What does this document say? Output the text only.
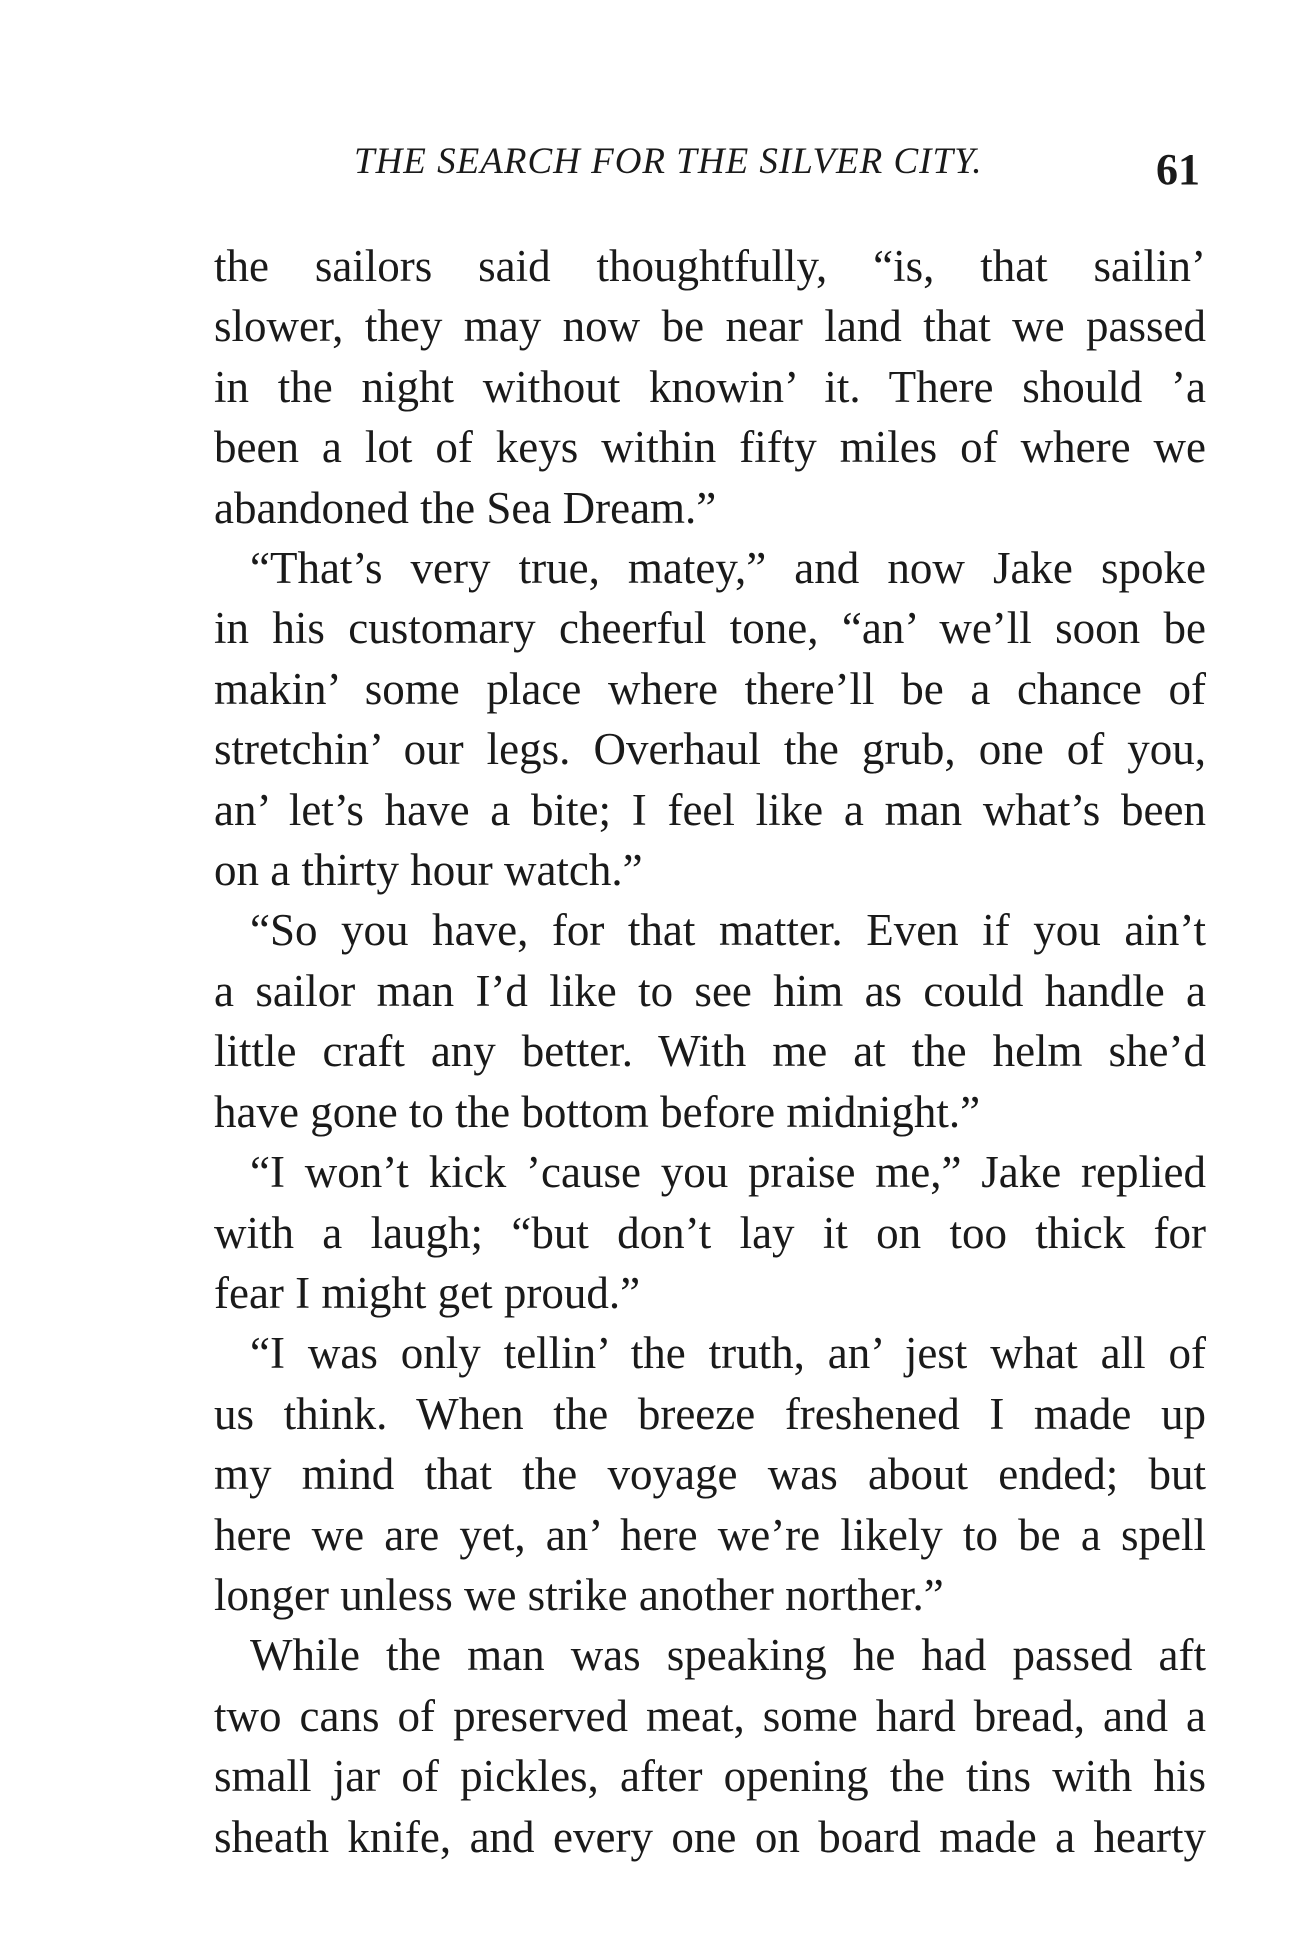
THE SEARCH FOR THE SILVER CITY.	61
the sailors said thoughtfully, “is, that sailin’
slower, they may now be near land that we passed
in the night without knowin’ it. There should ’a
been a lot of keys within fifty miles of where we
abandoned the Sea Dream.”
“That’s very true, matey,” and now Jake spoke
in his customary cheerful tone, “an’ we’ll soon be
makin’ some place where there’ll be a chance of
stretchin’ our legs. Overhaul the grub, one of you,
an’ let’s have a bite; I feel like a man what’s been
on a thirty hour watch.”
“So you have, for that matter. Even if you ain’t
a sailor man I’d like to see him as could handle a
little craft any better. With me at the helm she’d
have gone to the bottom before midnight.”
“I won’t kick ’cause you praise me,” Jake replied
with a laugh; “but don’t lay it on too thick for
fear I might get proud.”
“I was only tellin’ the truth, an’ jest what all of
us think. When the breeze freshened I made up
my mind that the voyage was about ended; but
here we are yet, an’ here we’re likely to be a spell
longer unless we strike another norther.”
While the man was speaking he had passed aft
two cans of preserved meat, some hard bread, and a
small jar of pickles, after opening the tins with his
sheath knife, and every one on board made a hearty
